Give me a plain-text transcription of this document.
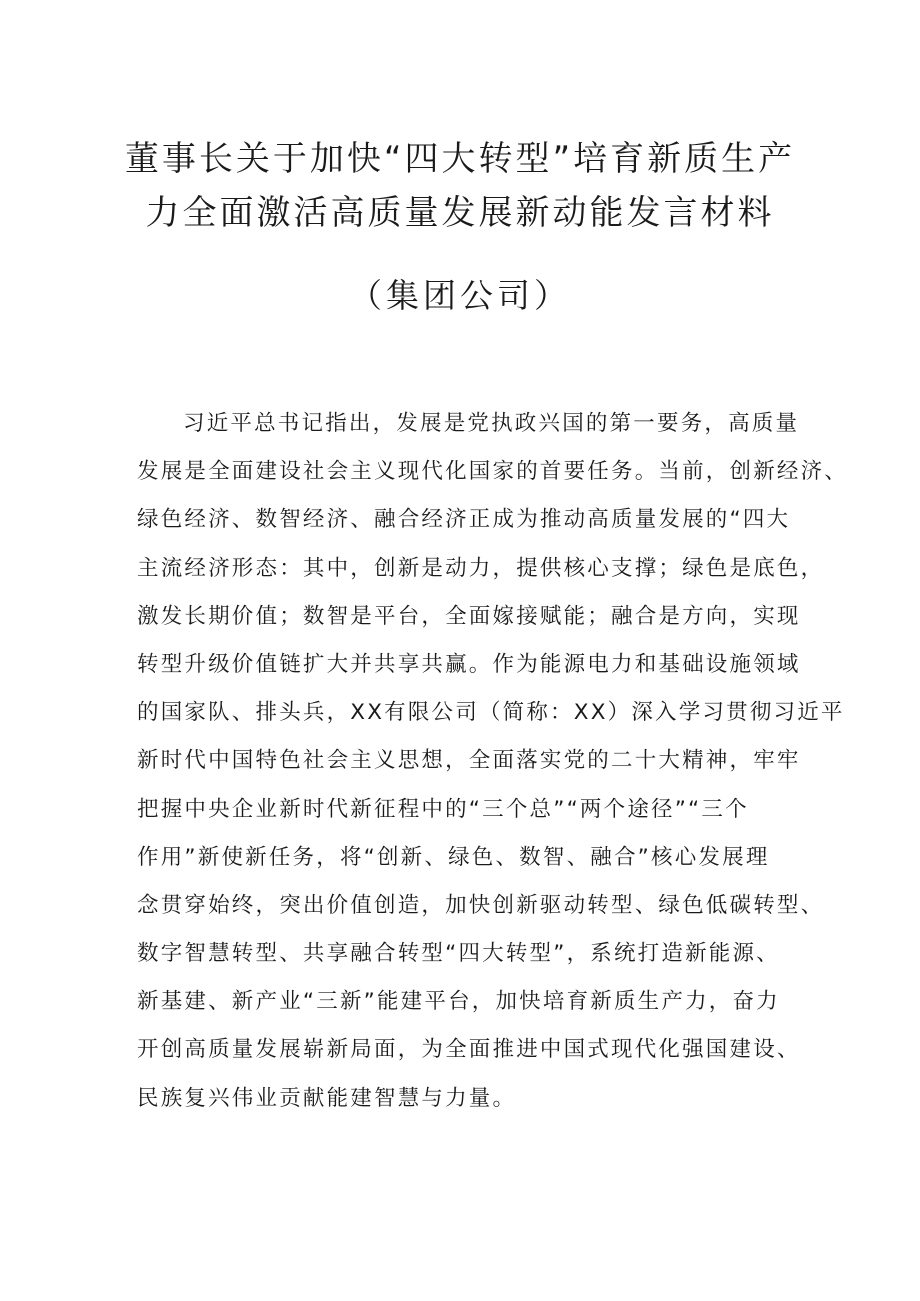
董事长关于加快“四大转型”培育新质生产
力全面激活高质量发展新动能发言材料
（集团公司）
习近平总书记指出，发展是党执政兴国的第一要务，高质量
发展是全面建设社会主义现代化国家的首要任务。当前，创新经济、
绿色经济、数智经济、融合经济正成为推动高质量发展的“四大
主流经济形态：其中，创新是动力，提供核心支撑；绿色是底色，
激发长期价值；数智是平台，全面嫁接赋能；融合是方向，实现
转型升级价值链扩大并共享共赢。作为能源电力和基础设施领域
的国家队、排头兵，XX有限公司（简称：XX）深入学习贯彻习近平
新时代中国特色社会主义思想，全面落实党的二十大精神，牢牢
把握中央企业新时代新征程中的“三个总”“两个途径”“三个
作用”新使新任务，将“创新、绿色、数智、融合”核心发展理
念贯穿始终，突出价值创造，加快创新驱动转型、绿色低碳转型、
数字智慧转型、共享融合转型“四大转型”，系统打造新能源、
新基建、新产业“三新”能建平台，加快培育新质生产力，奋力
开创高质量发展崭新局面，为全面推进中国式现代化强国建设、
民族复兴伟业贡献能建智慧与力量。
